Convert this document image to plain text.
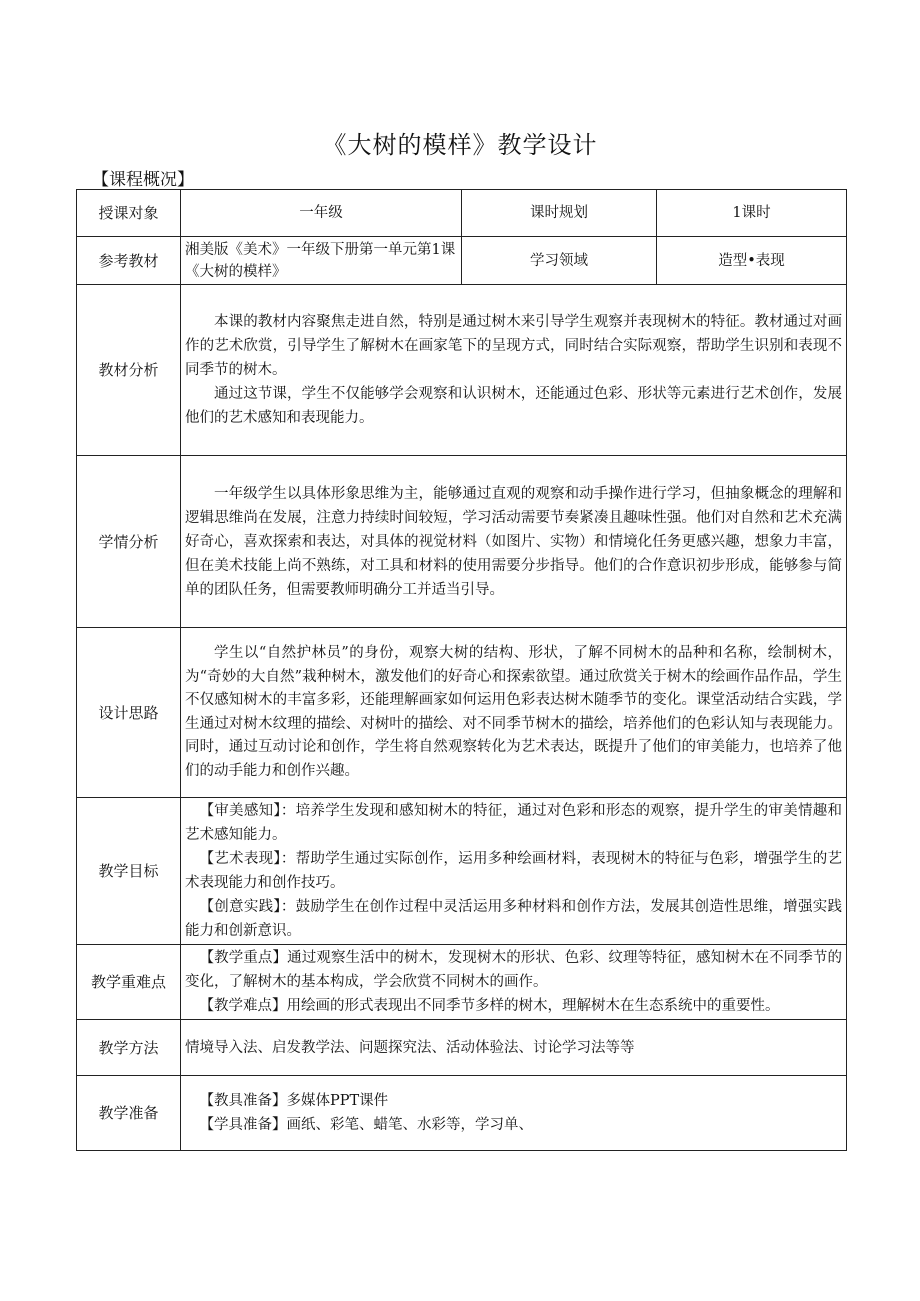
《大树的模样》教学设计
【课程概况】
授课对象	一年级	课时规划	1课时
参考教材	湘美版《美术》一年级下册第一单元第1课《大树的模样》	学习领域	造型•表现
教材分析	本课的教材内容聚焦走进自然，特别是通过树木来引导学生观察并表现树木的特征。教材通过对画作的艺术欣赏，引导学生了解树木在画家笔下的呈现方式，同时结合实际观察，帮助学生识别和表现不同季节的树木。

通过这节课，学生不仅能够学会观察和认识树木，还能通过色彩、形状等元素进行艺术创作，发展他们的艺术感知和表现能力。		

学情分析	一年级学生以具体形象思维为主，能够通过直观的观察和动手操作进行学习，但抽象概念的理解和逻辑思维尚在发展，注意力持续时间较短，学习活动需要节奏紧凑且趣味性强。他们对自然和艺术充满好奇心，喜欢探索和表达，对具体的视觉材料（如图片、实物）和情境化任务更感兴趣，想象力丰富，但在美术技能上尚不熟练，对工具和材料的使用需要分步指导。他们的合作意识初步形成，能够参与简单的团队任务，但需要教师明确分工并适当引导。		

设计思路	学生以“自然护林员”的身份，观察大树的结构、形状，了解不同树木的品种和名称，绘制树木，为“奇妙的大自然”栽种树木，激发他们的好奇心和探索欲望。通过欣赏关于树木的绘画作品作品，学生不仅感知树木的丰富多彩，还能理解画家如何运用色彩表达树木随季节的变化。课堂活动结合实践，学生通过对树木纹理的描绘、对树叶的描绘、对不同季节树木的描绘，培养他们的色彩认知与表现能力。同时，通过互动讨论和创作，学生将自然观察转化为艺术表达，既提升了他们的审美能力，也培养了他们的动手能力和创作兴趣。		

教学目标	【审美感知】：培养学生发现和感知树木的特征，通过对色彩和形态的观察，提升学生的审美情趣和艺术感知能力。

【艺术表现】：帮助学生通过实际创作，运用多种绘画材料，表现树木的特征与色彩，增强学生的艺术表现能力和创作技巧。

【创意实践】：鼓励学生在创作过程中灵活运用多种材料和创作方法，发展其创造性思维，增强实践能力和创新意识。		

教学重难点	【教学重点】通过观察生活中的树木，发现树木的形状、色彩、纹理等特征，感知树木在不同季节的变化，了解树木的基本构成，学会欣赏不同树木的画作。

【教学难点】用绘画的形式表现出不同季节多样的树木，理解树木在生态系统中的重要性。		

教学方法	情境导入法、启发教学法、问题探究法、活动体验法、讨论学习法等等		
教学准备	【教具准备】多媒体PPT课件

【学具准备】画纸、彩笔、蜡笔、水彩等，学习单、		
